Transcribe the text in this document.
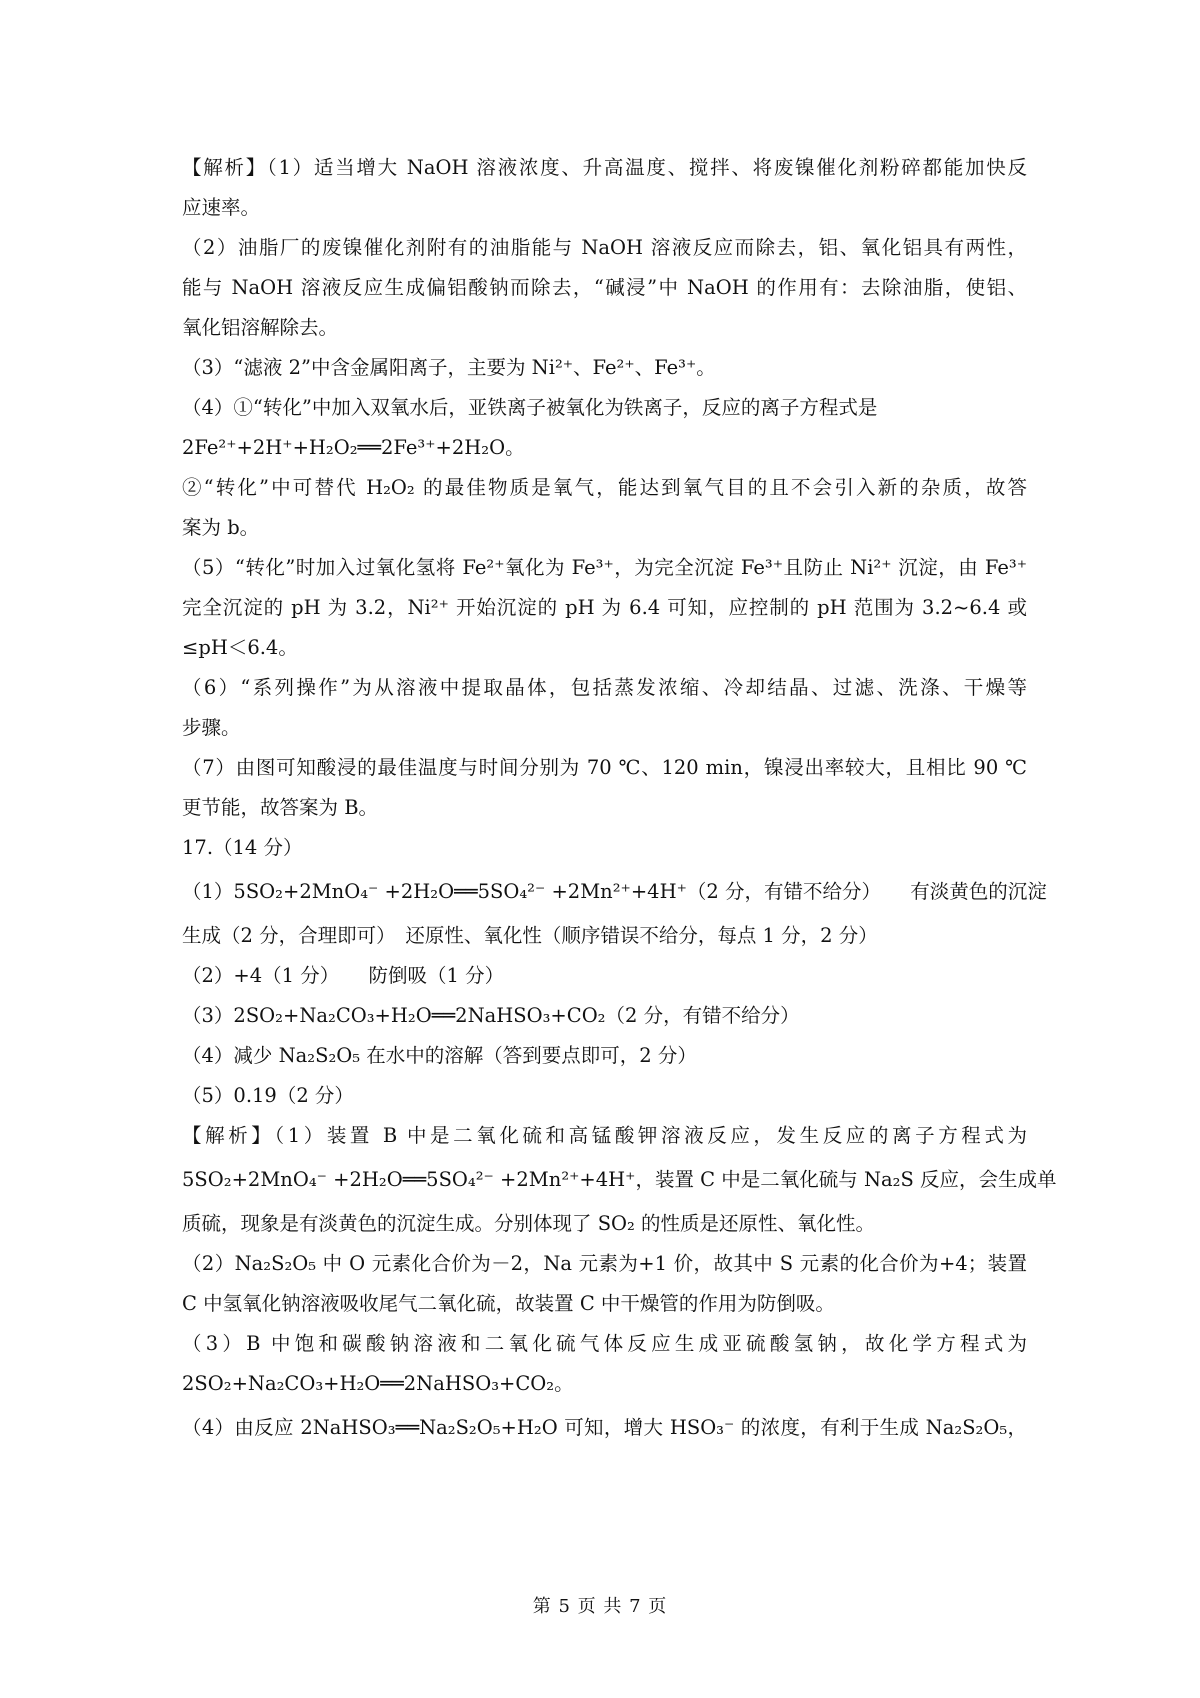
【解析】（1）适当增大 NaOH 溶液浓度、升高温度、搅拌、将废镍催化剂粉碎都能加快反
应速率。
（2）油脂厂的废镍催化剂附有的油脂能与 NaOH 溶液反应而除去，铝、氧化铝具有两性，
能与 NaOH 溶液反应生成偏铝酸钠而除去，“碱浸”中 NaOH 的作用有：去除油脂，使铝、
氧化铝溶解除去。
（3）“滤液 2”中含金属阳离子，主要为 Ni²⁺、Fe²⁺、Fe³⁺。
（4）①“转化”中加入双氧水后，亚铁离子被氧化为铁离子，反应的离子方程式是
2Fe²⁺+2H⁺+H₂O₂══2Fe³⁺+2H₂O。
②“转化”中可替代 H₂O₂ 的最佳物质是氧气，能达到氧气目的且不会引入新的杂质，故答
案为 b。
（5）“转化”时加入过氧化氢将 Fe²⁺氧化为 Fe³⁺，为完全沉淀 Fe³⁺且防止 Ni²⁺ 沉淀，由 Fe³⁺
完全沉淀的 pH 为 3.2，Ni²⁺ 开始沉淀的 pH 为 6.4 可知，应控制的 pH 范围为 3.2~6.4 或
≤pH＜6.4。
（6）“系列操作”为从溶液中提取晶体，包括蒸发浓缩、冷却结晶、过滤、洗涤、干燥等
步骤。
（7）由图可知酸浸的最佳温度与时间分别为 70 ℃、120 min，镍浸出率较大，且相比 90 ℃
更节能，故答案为 B。
17.（14 分）
（1）5SO₂+2MnO₄⁻ +2H₂O══5SO₄²⁻ +2Mn²⁺+4H⁺（2 分，有错不给分）　　有淡黄色的沉淀
生成（2 分，合理即可）　还原性、氧化性（顺序错误不给分，每点 1 分，2 分）
（2）+4（1 分）　　防倒吸（1 分）
（3）2SO₂+Na₂CO₃+H₂O══2NaHSO₃+CO₂（2 分，有错不给分）
（4）减少 Na₂S₂O₅ 在水中的溶解（答到要点即可，2 分）
（5）0.19（2 分）
【解析】（1）装置 B 中是二氧化硫和高锰酸钾溶液反应，发生反应的离子方程式为
5SO₂+2MnO₄⁻ +2H₂O══5SO₄²⁻ +2Mn²⁺+4H⁺，装置 C 中是二氧化硫与 Na₂S 反应，会生成单
质硫，现象是有淡黄色的沉淀生成。分别体现了 SO₂ 的性质是还原性、氧化性。
（2）Na₂S₂O₅ 中 O 元素化合价为－2，Na 元素为+1 价，故其中 S 元素的化合价为+4；装置
C 中氢氧化钠溶液吸收尾气二氧化硫，故装置 C 中干燥管的作用为防倒吸。
（3）B 中饱和碳酸钠溶液和二氧化硫气体反应生成亚硫酸氢钠，故化学方程式为
2SO₂+Na₂CO₃+H₂O══2NaHSO₃+CO₂。
（4）由反应 2NaHSO₃══Na₂S₂O₅+H₂O 可知，增大 HSO₃⁻ 的浓度，有利于生成 Na₂S₂O₅，
第 5 页 共 7 页
